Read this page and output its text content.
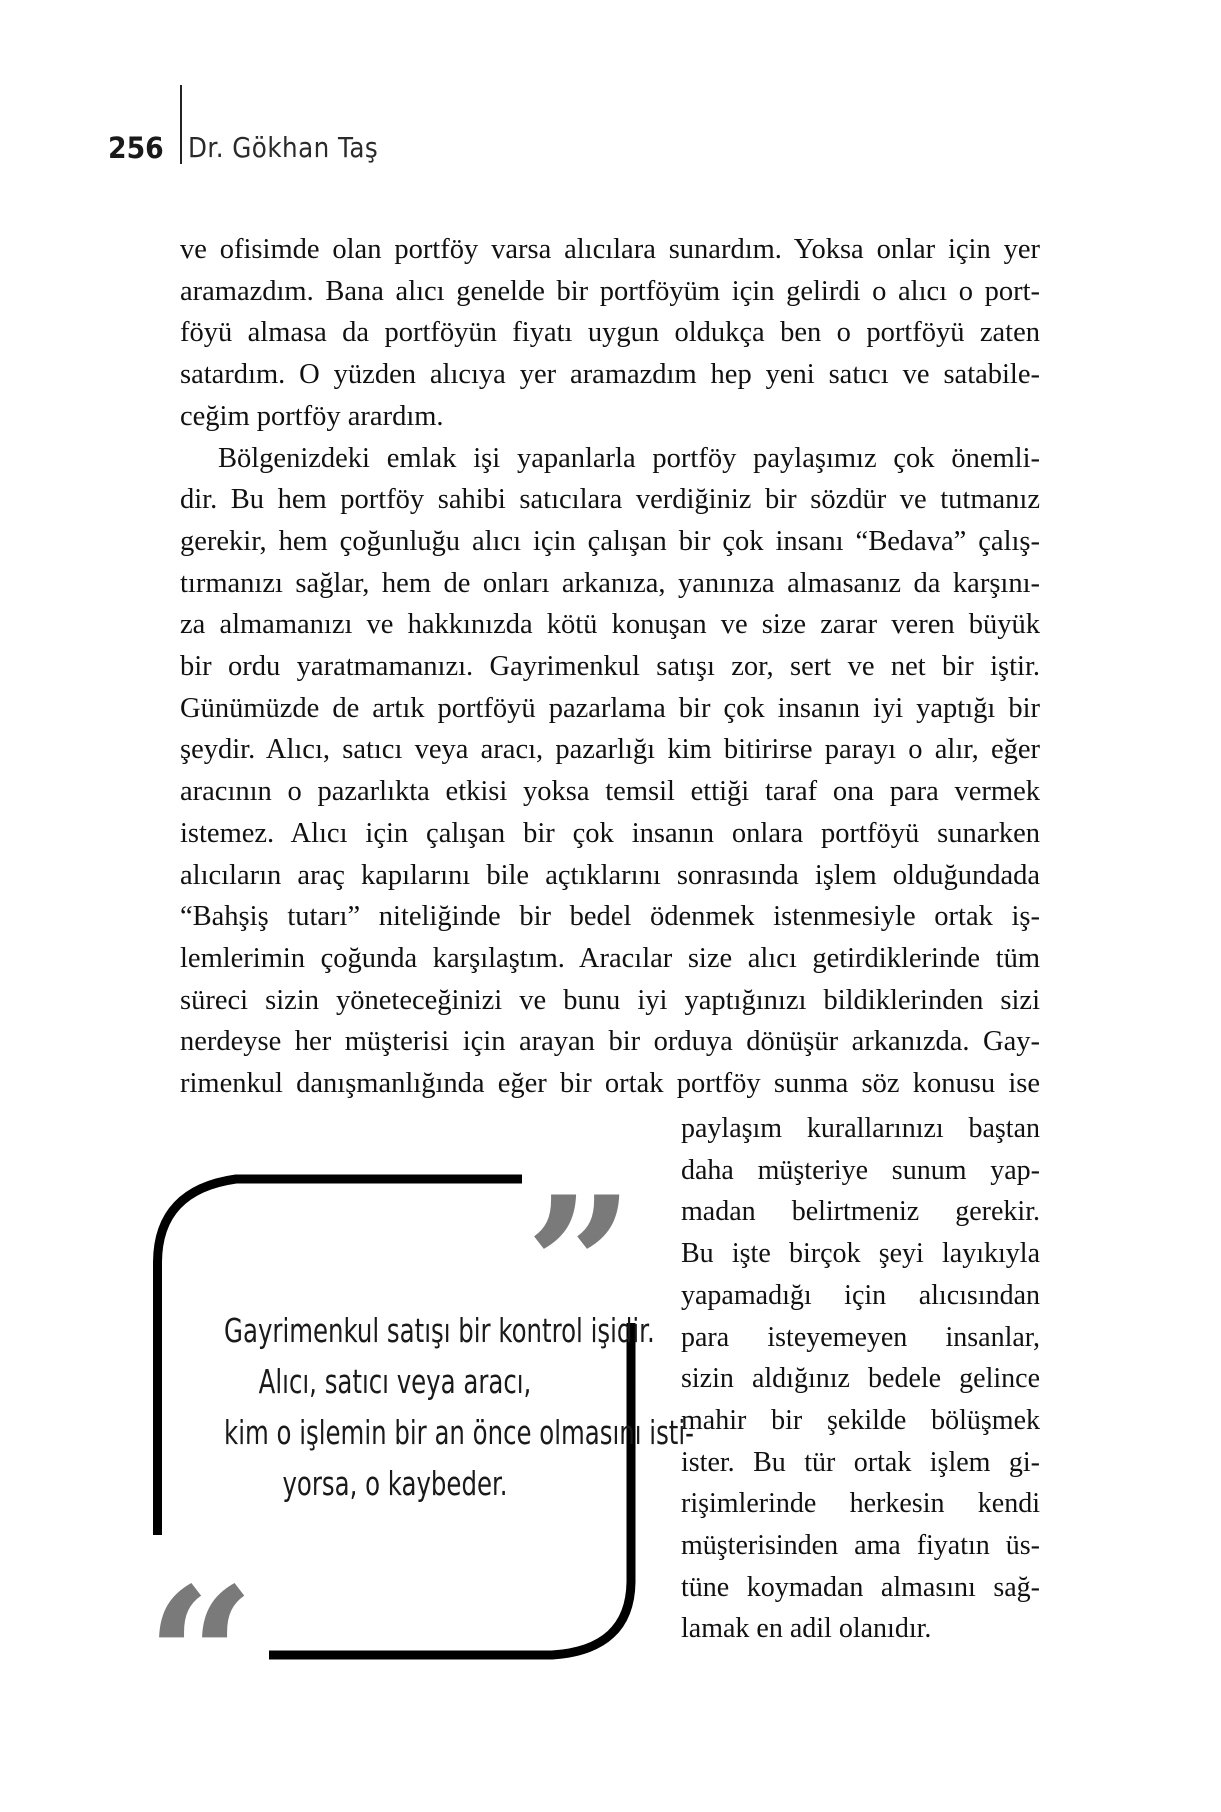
256 Dr. Gökhan Taş
ve ofisimde olan portföy varsa alıcılara sunardım. Yoksa onlar için yer
aramazdım. Bana alıcı genelde bir portföyüm için gelirdi o alıcı o port-
föyü almasa da portföyün fiyatı uygun oldukça ben o portföyü zaten
satardım. O yüzden alıcıya yer aramazdım hep yeni satıcı ve satabile-
ceğim portföy arardım.
Bölgenizdeki emlak işi yapanlarla portföy paylaşımız çok önemli-
dir. Bu hem portföy sahibi satıcılara verdiğiniz bir sözdür ve tutmanız
gerekir, hem çoğunluğu alıcı için çalışan bir çok insanı “Bedava” çalış-
tırmanızı sağlar, hem de onları arkanıza, yanınıza almasanız da karşını-
za almamanızı ve hakkınızda kötü konuşan ve size zarar veren büyük
bir ordu yaratmamanızı. Gayrimenkul satışı zor, sert ve net bir iştir.
Günümüzde de artık portföyü pazarlama bir çok insanın iyi yaptığı bir
şeydir. Alıcı, satıcı veya aracı, pazarlığı kim bitirirse parayı o alır, eğer
aracının o pazarlıkta etkisi yoksa temsil ettiği taraf ona para vermek
istemez. Alıcı için çalışan bir çok insanın onlara portföyü sunarken
alıcıların araç kapılarını bile açtıklarını sonrasında işlem olduğundada
“Bahşiş tutarı” niteliğinde bir bedel ödenmek istenmesiyle ortak iş-
lemlerimin çoğunda karşılaştım. Aracılar size alıcı getirdiklerinde tüm
süreci sizin yöneteceğinizi ve bunu iyi yaptığınızı bildiklerinden sizi
nerdeyse her müşterisi için arayan bir orduya dönüşür arkanızda. Gay-
rimenkul danışmanlığında eğer bir ortak portföy sunma söz konusu ise
paylaşım kurallarınızı baştan
daha müşteriye sunum yap-
madan belirtmeniz gerekir.
Bu işte birçok şeyi layıkıyla
yapamadığı için alıcısından
para isteyemeyen insanlar,
sizin aldığınız bedele gelince
mahir bir şekilde bölüşmek
ister. Bu tür ortak işlem gi-
rişimlerinde herkesin kendi
müşterisinden ama fiyatın üs-
tüne koymadan almasını sağ-
lamak en adil olanıdır.
”
“
Gayrimenkul satışı bir kontrol işidir.
Alıcı, satıcı veya aracı,
kim o işlemin bir an önce olmasını isti-
yorsa, o kaybeder.
